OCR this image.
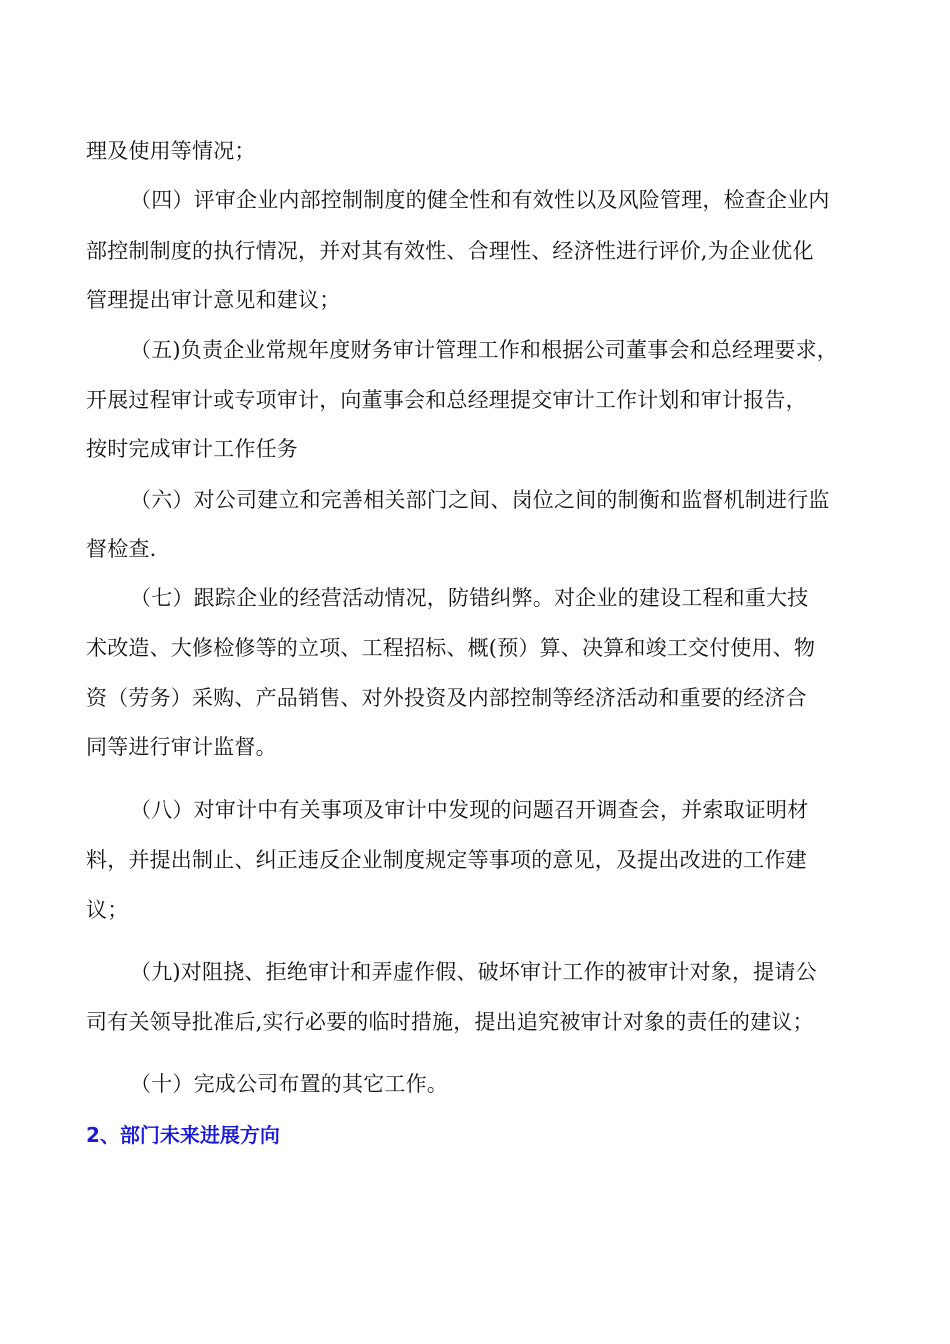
理及使用等情况；
（四）评审企业内部控制制度的健全性和有效性以及风险管理，检查企业内
部控制制度的执行情况，并对其有效性、合理性、经济性进行评价,为企业优化
管理提出审计意见和建议；
（五)负责企业常规年度财务审计管理工作和根据公司董事会和总经理要求，
开展过程审计或专项审计，向董事会和总经理提交审计工作计划和审计报告，
按时完成审计工作任务
（六）对公司建立和完善相关部门之间、岗位之间的制衡和监督机制进行监
督检查.
（七）跟踪企业的经营活动情况，防错纠弊。对企业的建设工程和重大技
术改造、大修检修等的立项、工程招标、概(预）算、决算和竣工交付使用、物
资（劳务）采购、产品销售、对外投资及内部控制等经济活动和重要的经济合
同等进行审计监督。
（八）对审计中有关事项及审计中发现的问题召开调查会，并索取证明材
料，并提出制止、纠正违反企业制度规定等事项的意见，及提出改进的工作建
议；
（九)对阻挠、拒绝审计和弄虚作假、破坏审计工作的被审计对象，提请公
司有关领导批准后,实行必要的临时措施，提出追究被审计对象的责任的建议；
（十）完成公司布置的其它工作。
2、部门未来进展方向
